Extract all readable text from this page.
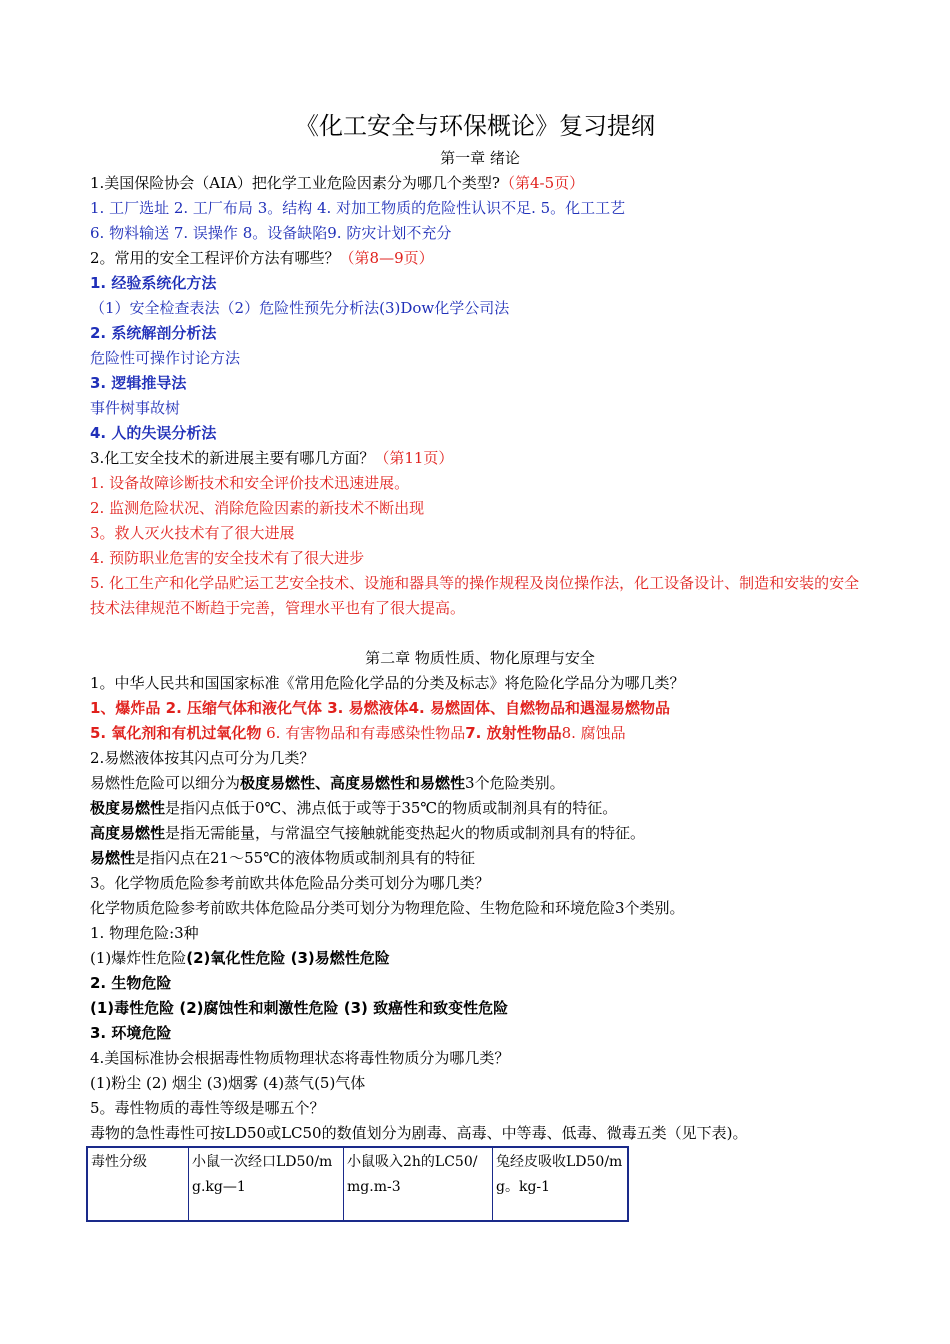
《化工安全与环保概论》复习提纲
第一章 绪论
1.美国保险协会（AIA）把化学工业危险因素分为哪几个类型?（第4-5页）
1. 工厂选址 2. 工厂布局 3。结构 4. 对加工物质的危险性认识不足. 5。化工工艺
6. 物料输送 7. 误操作 8。设备缺陷9. 防灾计划不充分
2。常用的安全工程评价方法有哪些？（第8—9页）
1. 经验系统化方法
（1）安全检查表法（2）危险性预先分析法(3)Dow化学公司法
2. 系统解剖分析法
危险性可操作讨论方法
3. 逻辑推导法
事件树事故树
4. 人的失误分析法
3.化工安全技术的新进展主要有哪几方面？（第11页）
1. 设备故障诊断技术和安全评价技术迅速进展。
2. 监测危险状况、消除危险因素的新技术不断出现
3。救人灭火技术有了很大进展
4. 预防职业危害的安全技术有了很大进步
5. 化工生产和化学品贮运工艺安全技术、设施和器具等的操作规程及岗位操作法，化工设备设计、制造和安装的安全技术法律规范不断趋于完善，管理水平也有了很大提高。
第二章 物质性质、物化原理与安全
1。中华人民共和国国家标准《常用危险化学品的分类及标志》将危险化学品分为哪几类？
1、爆炸品 2. 压缩气体和液化气体 3. 易燃液体4. 易燃固体、自燃物品和遇湿易燃物品
5. 氧化剂和有机过氧化物 6. 有害物品和有毒感染性物品7. 放射性物品8. 腐蚀品
2.易燃液体按其闪点可分为几类？
易燃性危险可以细分为极度易燃性、高度易燃性和易燃性3个危险类别。
极度易燃性是指闪点低于0℃、沸点低于或等于35℃的物质或制剂具有的特征。
高度易燃性是指无需能量，与常温空气接触就能变热起火的物质或制剂具有的特征。
易燃性是指闪点在21～55℃的液体物质或制剂具有的特征
3。化学物质危险参考前欧共体危险品分类可划分为哪几类？
化学物质危险参考前欧共体危险品分类可划分为物理危险、生物危险和环境危险3个类别。
1. 物理危险:3种
(1)爆炸性危险(2)氧化性危险 (3)易燃性危险
2. 生物危险
(1)毒性危险 (2)腐蚀性和刺激性危险 (3) 致癌性和致变性危险
3. 环境危险
4.美国标准协会根据毒性物质物理状态将毒性物质分为哪几类？
(1)粉尘 (2) 烟尘 (3)烟雾 (4)蒸气(5)气体
5。毒性物质的毒性等级是哪五个？
毒物的急性毒性可按LD50或LC50的数值划分为剧毒、高毒、中等毒、低毒、微毒五类（见下表)。
毒性分级	小鼠一次经口LD50/mg.kg—1	小鼠吸入2h的LC50/mg.m-3	兔经皮吸收LD50/mg。kg-1
